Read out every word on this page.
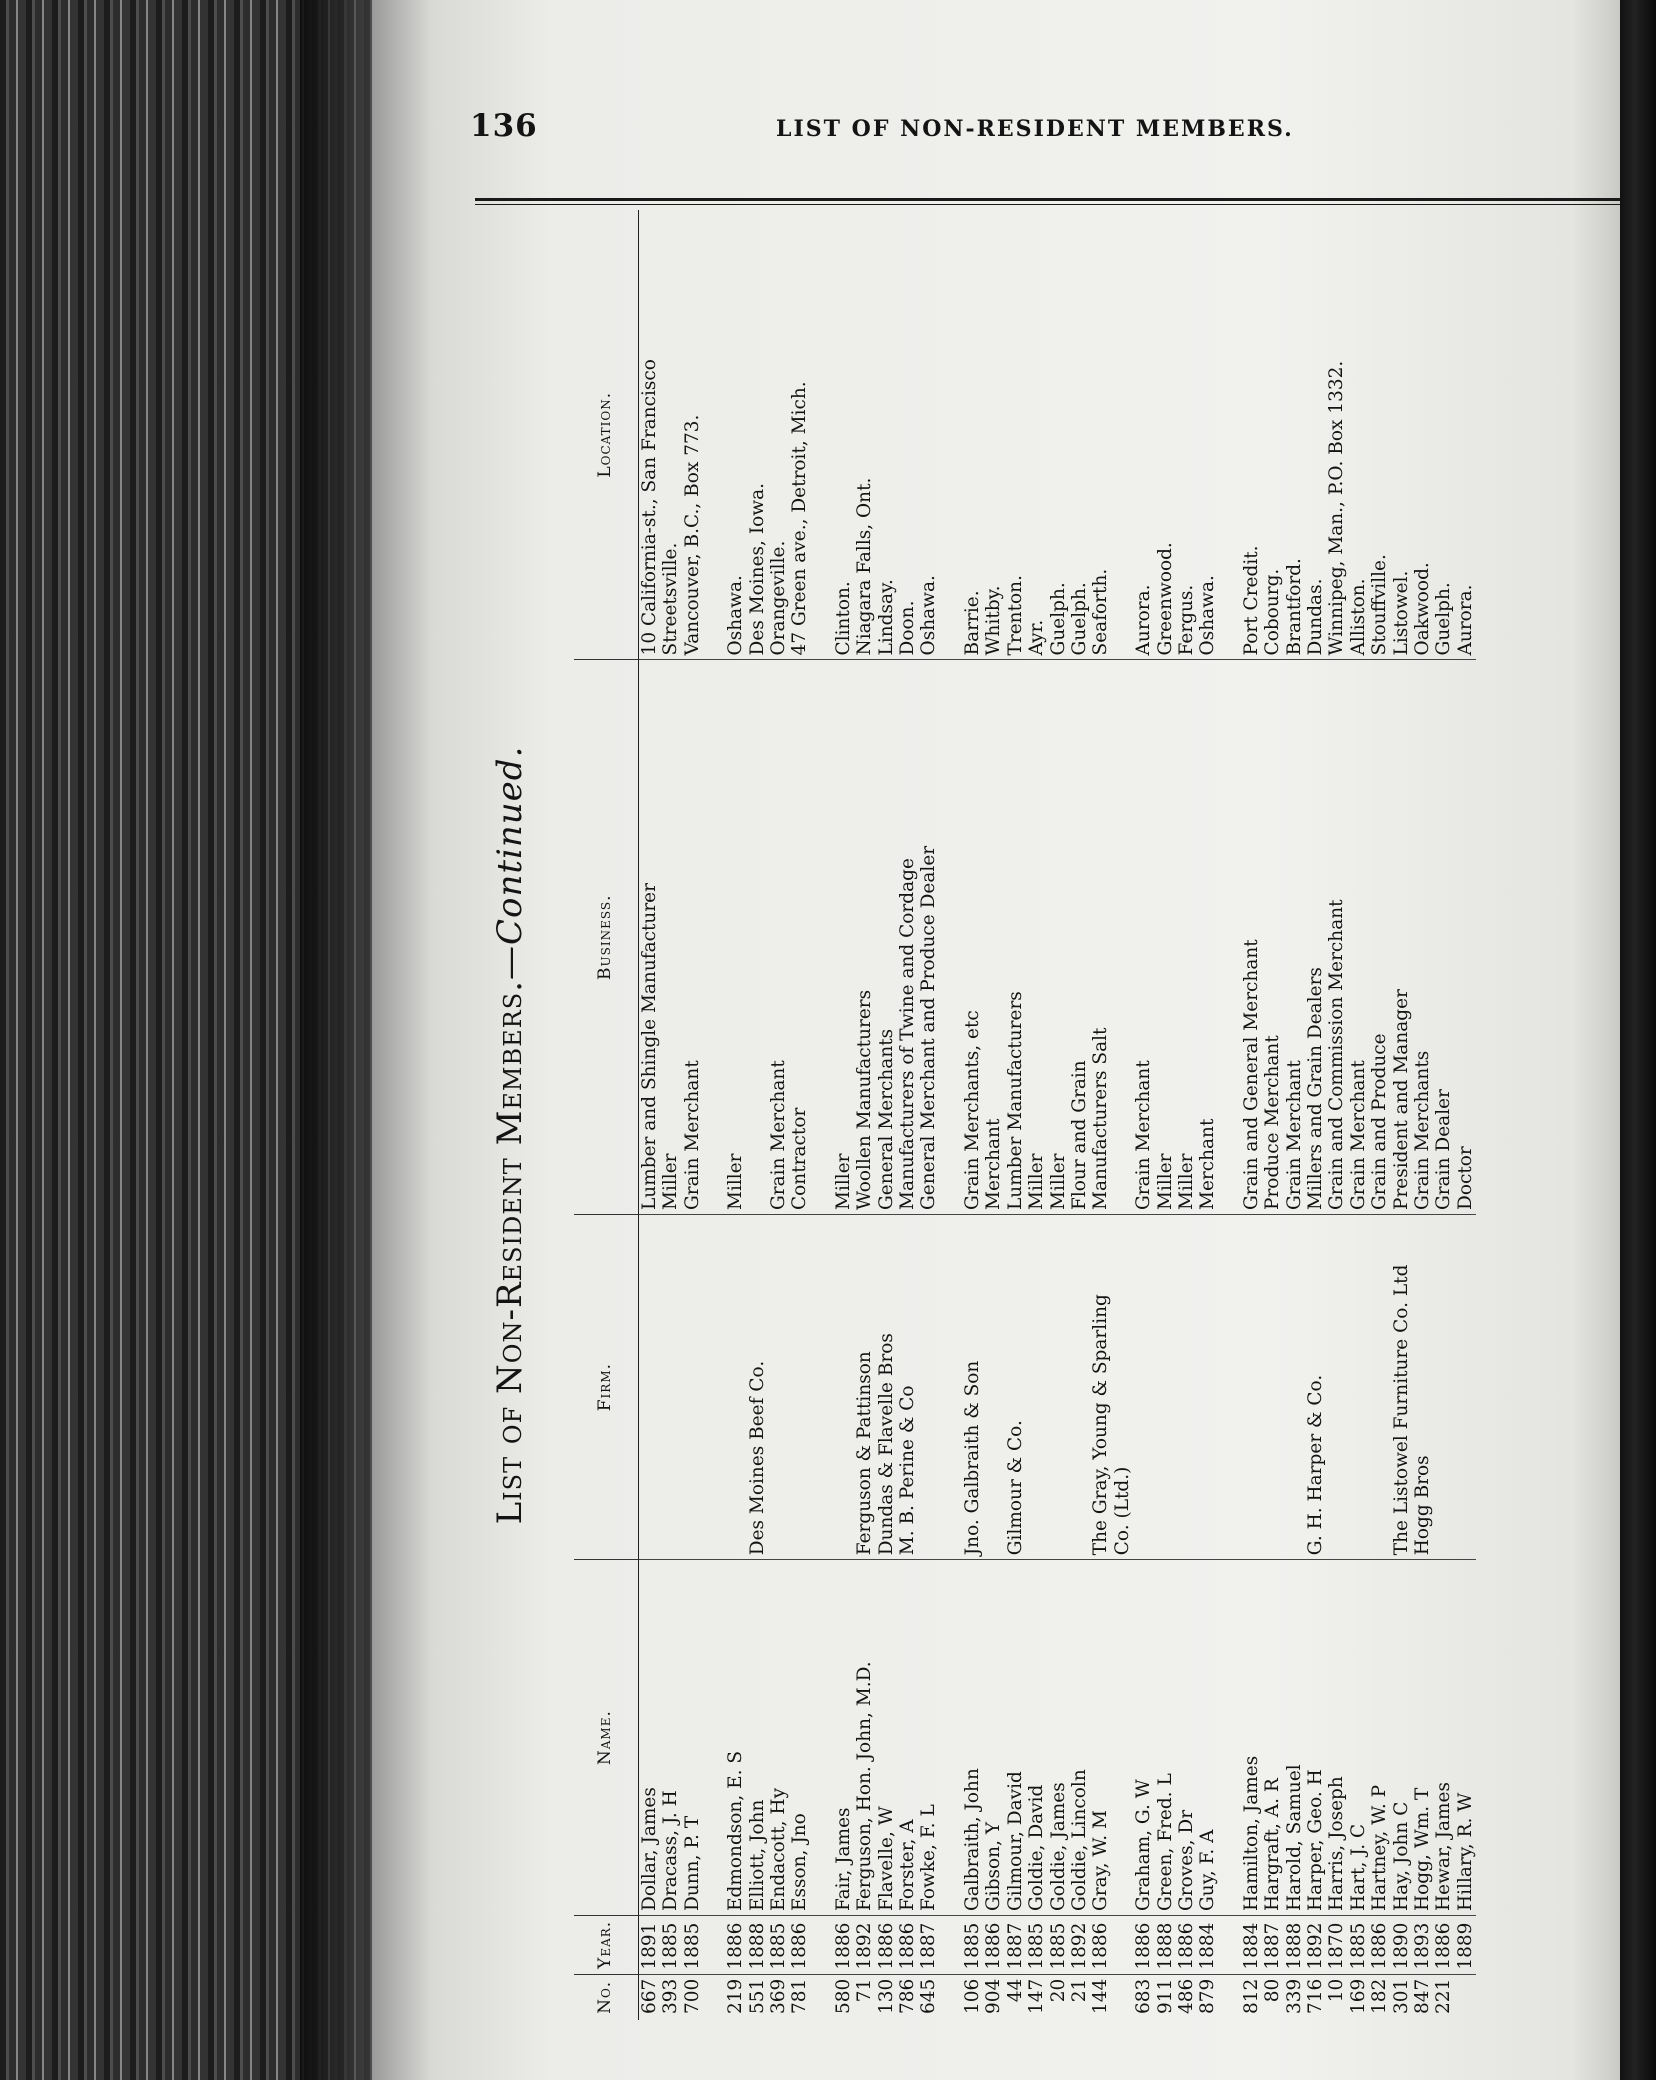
136	LIST OF NON-RESIDENT MEMBERS.
List of Non-Resident Members.—Continued.
No.	Year.	Name.	Firm.	Business.	Location.
667	1891	Dollar, James		Lumber and Shingle Manufacturer	10 California-st., San Francisco
393	1885	Dracass, J. H		Miller	Streetsville.
700	1885	Dunn, P. T		Grain Merchant	Vancouver, B.C., Box 773.

219	1886	Edmondson, E. S		Miller	Oshawa.
551	1888	Elliott, John	Des Moines Beef Co.		Des Moines, Iowa.
369	1885	Endacott, Hy		Grain Merchant	Orangeville.
781	1886	Esson, Jno		Contractor	47 Green ave., Detroit, Mich.

580	1886	Fair, James		Miller	Clinton.
71	1892	Ferguson, Hon. John, M.D.	Ferguson & Pattinson	Woollen Manufacturers	Niagara Falls, Ont.
130	1886	Flavelle, W	Dundas & Flavelle Bros	General Merchants	Lindsay.
786	1886	Forster, A	M. B. Perine & Co	Manufacturers of Twine and Cordage	Doon.
645	1887	Fowke, F. L		General Merchant and Produce Dealer	Oshawa.

106	1885	Galbraith, John	Jno. Galbraith & Son	Grain Merchants, etc	Barrie.
904	1886	Gibson, Y		Merchant	Whitby.
44	1887	Gilmour, David	Gilmour & Co.	Lumber Manufacturers	Trenton.
147	1885	Goldie, David		Miller	Ayr.
20	1885	Goldie, James		Miller	Guelph.
21	1892	Goldie, Lincoln		Flour and Grain	Guelph.
144	1886	Gray, W. M	The Gray, Young & Sparling	Manufacturers Salt	Seaforth.
			Co. (Ltd.)		
683	1886	Graham, G. W		Grain Merchant	Aurora.
911	1888	Green, Fred. L		Miller	Greenwood.
486	1886	Groves, Dr		Miller	Fergus.
879	1884	Guy, F. A		Merchant	Oshawa.

812	1884	Hamilton, James		Grain and General Merchant	Port Credit.
80	1887	Hargraft, A. R		Produce Merchant	Cobourg.
339	1888	Harold, Samuel		Grain Merchant	Brantford.
716	1892	Harper, Geo. H	G. H. Harper & Co.	Millers and Grain Dealers	Dundas.
10	1870	Harris, Joseph		Grain and Commission Merchant	Winnipeg, Man., P.O. Box 1332.
169	1885	Hart, J. C		Grain Merchant	Alliston.
182	1886	Hartney, W. P		Grain and Produce	Stouffville.
301	1890	Hay, John C	The Listowel Furniture Co. Ltd	President and Manager	Listowel.
847	1893	Hogg, Wm. T	Hogg Bros	Grain Merchants	Oakwood.
221	1886	Hewar, James		Grain Dealer	Guelph.
	1889	Hillary, R. W		Doctor	Aurora.
